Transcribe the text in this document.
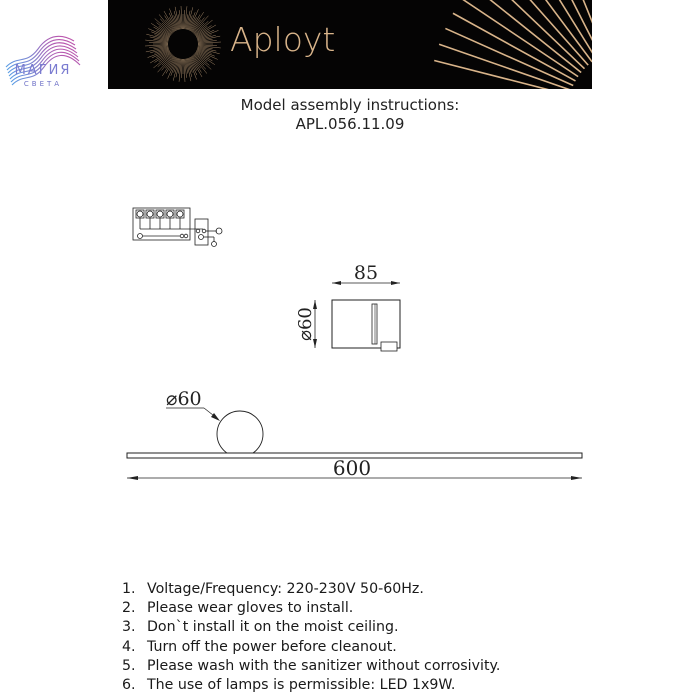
МАГИЯ
СВЕТА
Aployt
Model assembly instructions:
APL.056.11.09
85
⌀60
⌀60
600
1. Voltage/Frequency: 220-230V 50-60Hz.
2. Please wear gloves to install.
3. Don`t install it on the moist ceiling.
4. Turn off the power before cleanout.
5. Please wash with the sanitizer without corrosivity.
6. The use of lamps is permissible: LED 1x9W.
